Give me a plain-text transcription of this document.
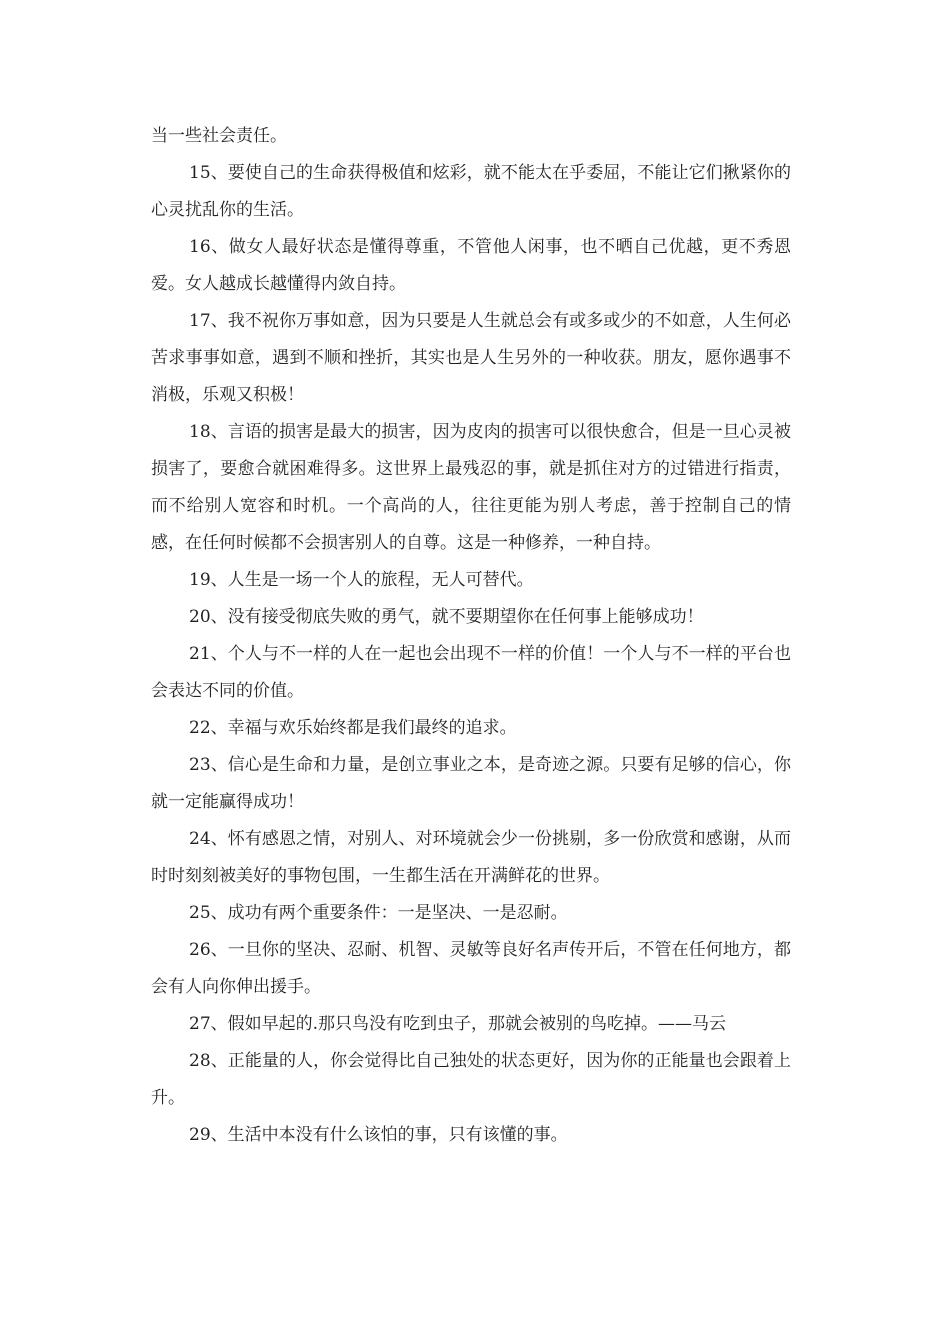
当一些社会责任。

15、要使自己的生命获得极值和炫彩，就不能太在乎委屈，不能让它们揪紧你的心灵扰乱你的生活。

16、做女人最好状态是懂得尊重，不管他人闲事，也不晒自己优越，更不秀恩爱。女人越成长越懂得内敛自持。

17、我不祝你万事如意，因为只要是人生就总会有或多或少的不如意，人生何必苦求事事如意，遇到不顺和挫折，其实也是人生另外的一种收获。朋友，愿你遇事不消极，乐观又积极！

18、言语的损害是最大的损害，因为皮肉的损害可以很快愈合，但是一旦心灵被损害了，要愈合就困难得多。这世界上最残忍的事，就是抓住对方的过错进行指责，而不给别人宽容和时机。一个高尚的人，往往更能为别人考虑，善于控制自己的情感，在任何时候都不会损害别人的自尊。这是一种修养，一种自持。

19、人生是一场一个人的旅程，无人可替代。

20、没有接受彻底失败的勇气，就不要期望你在任何事上能够成功！

21、个人与不一样的人在一起也会出现不一样的价值！一个人与不一样的平台也会表达不同的价值。

22、幸福与欢乐始终都是我们最终的追求。

23、信心是生命和力量，是创立事业之本，是奇迹之源。只要有足够的信心，你就一定能赢得成功！

24、怀有感恩之情，对别人、对环境就会少一份挑剔，多一份欣赏和感谢，从而时时刻刻被美好的事物包围，一生都生活在开满鲜花的世界。

25、成功有两个重要条件：一是坚决、一是忍耐。

26、一旦你的坚决、忍耐、机智、灵敏等良好名声传开后，不管在任何地方，都会有人向你伸出援手。

27、假如早起的.那只鸟没有吃到虫子，那就会被别的鸟吃掉。——马云

28、正能量的人，你会觉得比自己独处的状态更好，因为你的正能量也会跟着上升。

29、生活中本没有什么该怕的事，只有该懂的事。
